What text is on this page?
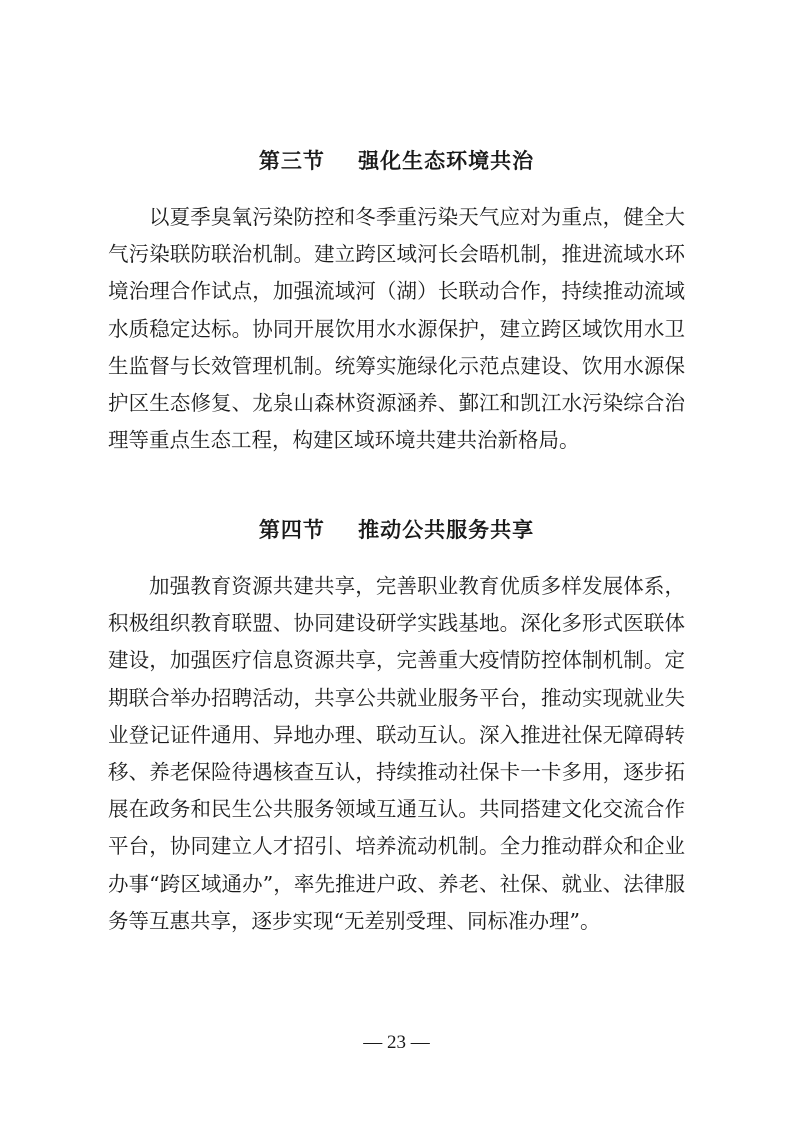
第三节    强化生态环境共治
以夏季臭氧污染防控和冬季重污染天气应对为重点，健全大
气污染联防联治机制。建立跨区域河长会晤机制，推进流域水环
境治理合作试点，加强流域河（湖）长联动合作，持续推动流域
水质稳定达标。协同开展饮用水水源保护，建立跨区域饮用水卫
生监督与长效管理机制。统筹实施绿化示范点建设、饮用水源保
护区生态修复、龙泉山森林资源涵养、鄞江和凯江水污染综合治
理等重点生态工程，构建区域环境共建共治新格局。
第四节    推动公共服务共享
加强教育资源共建共享，完善职业教育优质多样发展体系，
积极组织教育联盟、协同建设研学实践基地。深化多形式医联体
建设，加强医疗信息资源共享，完善重大疫情防控体制机制。定
期联合举办招聘活动，共享公共就业服务平台，推动实现就业失
业登记证件通用、异地办理、联动互认。深入推进社保无障碍转
移、养老保险待遇核查互认，持续推动社保卡一卡多用，逐步拓
展在政务和民生公共服务领域互通互认。共同搭建文化交流合作
平台，协同建立人才招引、培养流动机制。全力推动群众和企业
办事“跨区域通办”，率先推进户政、养老、社保、就业、法律服
务等互惠共享，逐步实现“无差别受理、同标准办理”。
— 23 —
